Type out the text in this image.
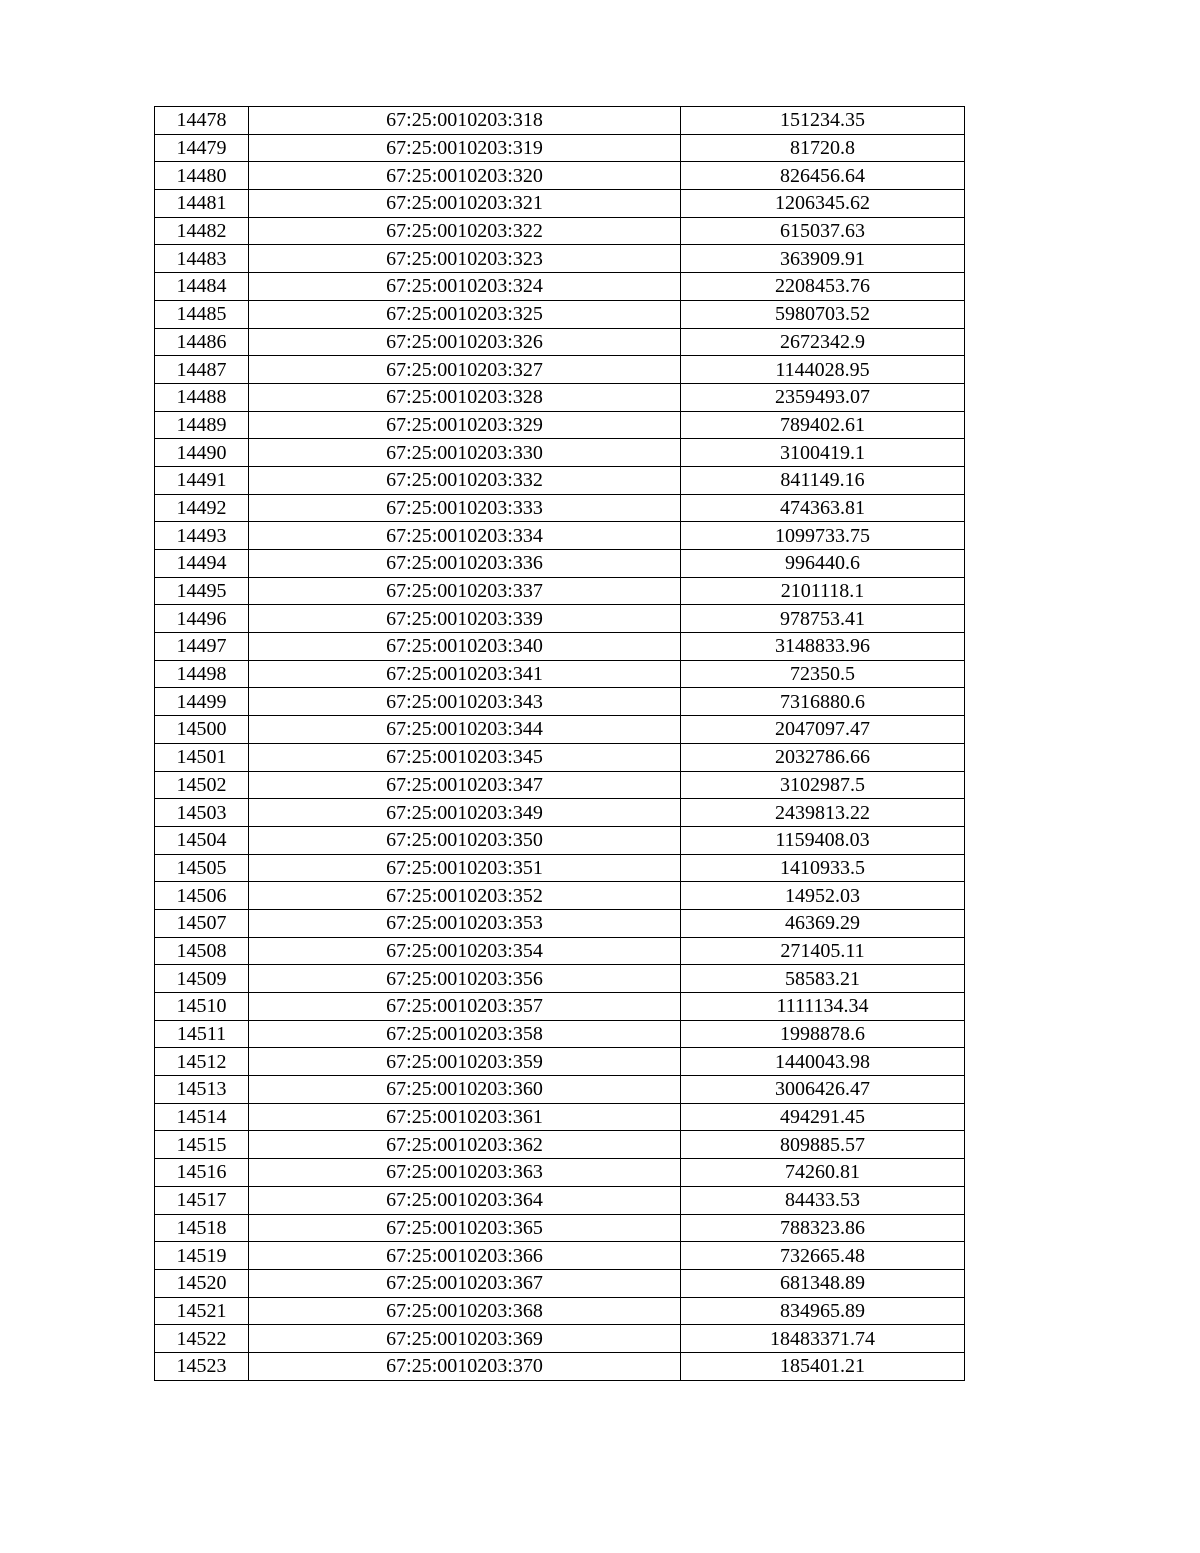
14478	67:25:0010203:318	151234.35
14479	67:25:0010203:319	81720.8
14480	67:25:0010203:320	826456.64
14481	67:25:0010203:321	1206345.62
14482	67:25:0010203:322	615037.63
14483	67:25:0010203:323	363909.91
14484	67:25:0010203:324	2208453.76
14485	67:25:0010203:325	5980703.52
14486	67:25:0010203:326	2672342.9
14487	67:25:0010203:327	1144028.95
14488	67:25:0010203:328	2359493.07
14489	67:25:0010203:329	789402.61
14490	67:25:0010203:330	3100419.1
14491	67:25:0010203:332	841149.16
14492	67:25:0010203:333	474363.81
14493	67:25:0010203:334	1099733.75
14494	67:25:0010203:336	996440.6
14495	67:25:0010203:337	2101118.1
14496	67:25:0010203:339	978753.41
14497	67:25:0010203:340	3148833.96
14498	67:25:0010203:341	72350.5
14499	67:25:0010203:343	7316880.6
14500	67:25:0010203:344	2047097.47
14501	67:25:0010203:345	2032786.66
14502	67:25:0010203:347	3102987.5
14503	67:25:0010203:349	2439813.22
14504	67:25:0010203:350	1159408.03
14505	67:25:0010203:351	1410933.5
14506	67:25:0010203:352	14952.03
14507	67:25:0010203:353	46369.29
14508	67:25:0010203:354	271405.11
14509	67:25:0010203:356	58583.21
14510	67:25:0010203:357	1111134.34
14511	67:25:0010203:358	1998878.6
14512	67:25:0010203:359	1440043.98
14513	67:25:0010203:360	3006426.47
14514	67:25:0010203:361	494291.45
14515	67:25:0010203:362	809885.57
14516	67:25:0010203:363	74260.81
14517	67:25:0010203:364	84433.53
14518	67:25:0010203:365	788323.86
14519	67:25:0010203:366	732665.48
14520	67:25:0010203:367	681348.89
14521	67:25:0010203:368	834965.89
14522	67:25:0010203:369	18483371.74
14523	67:25:0010203:370	185401.21
